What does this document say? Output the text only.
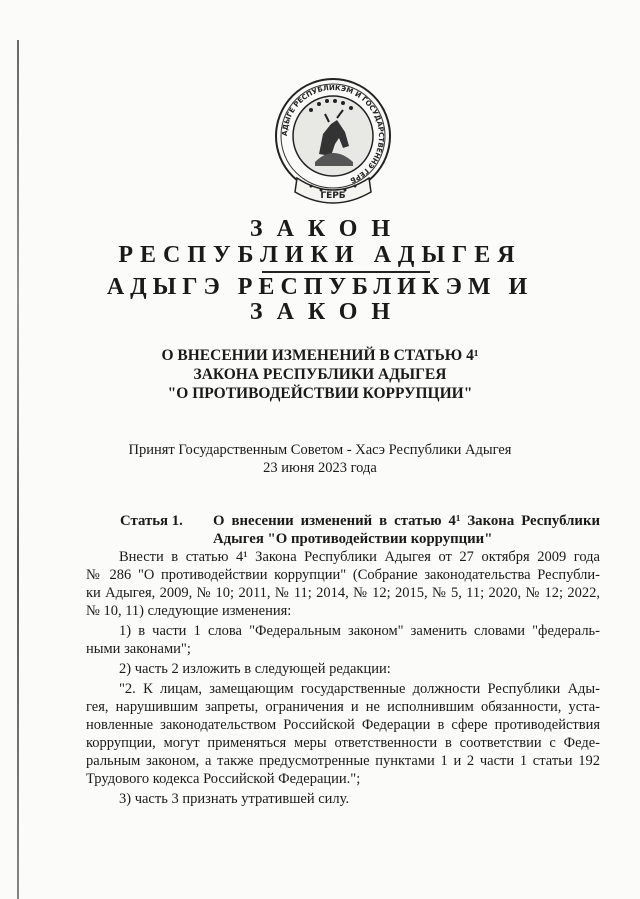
АДЫГЕ РЕСПУБЛИКЭМ И ГОСУДАРСТВЕННЭ ГЕРБ
ГЕРБ
ЗАКОН
РЕСПУБЛИКИ АДЫГЕЯ
АДЫГЭ РЕСПУБЛИКЭМ И
ЗАКОН
О ВНЕСЕНИИ ИЗМЕНЕНИЙ В СТАТЬЮ 4¹
ЗАКОНА РЕСПУБЛИКИ АДЫГЕЯ
"О ПРОТИВОДЕЙСТВИИ КОРРУПЦИИ"
Принят Государственным Советом - Хасэ Республики Адыгея
23 июня 2023 года
Статья 1. О внесении изменений в статью 4¹ Закона Республики
Адыгея "О противодействии коррупции"
Внести в статью 4¹ Закона Республики Адыгея от 27 октября 2009 года
№ 286 "О противодействии коррупции" (Собрание законодательства Республи-
ки Адыгея, 2009, № 10; 2011, № 11; 2014, № 12; 2015, № 5, 11; 2020, № 12; 2022,
№ 10, 11) следующие изменения:
1) в части 1 слова "Федеральным законом" заменить словами "федераль-
ными законами";
2) часть 2 изложить в следующей редакции:
"2. К лицам, замещающим государственные должности Республики Ады-
гея, нарушившим запреты, ограничения и не исполнившим обязанности, уста-
новленные законодательством Российской Федерации в сфере противодействия
коррупции, могут применяться меры ответственности в соответствии с Феде-
ральным законом, а также предусмотренные пунктами 1 и 2 части 1 статьи 192
Трудового кодекса Российской Федерации.";
3) часть 3 признать утратившей силу.
